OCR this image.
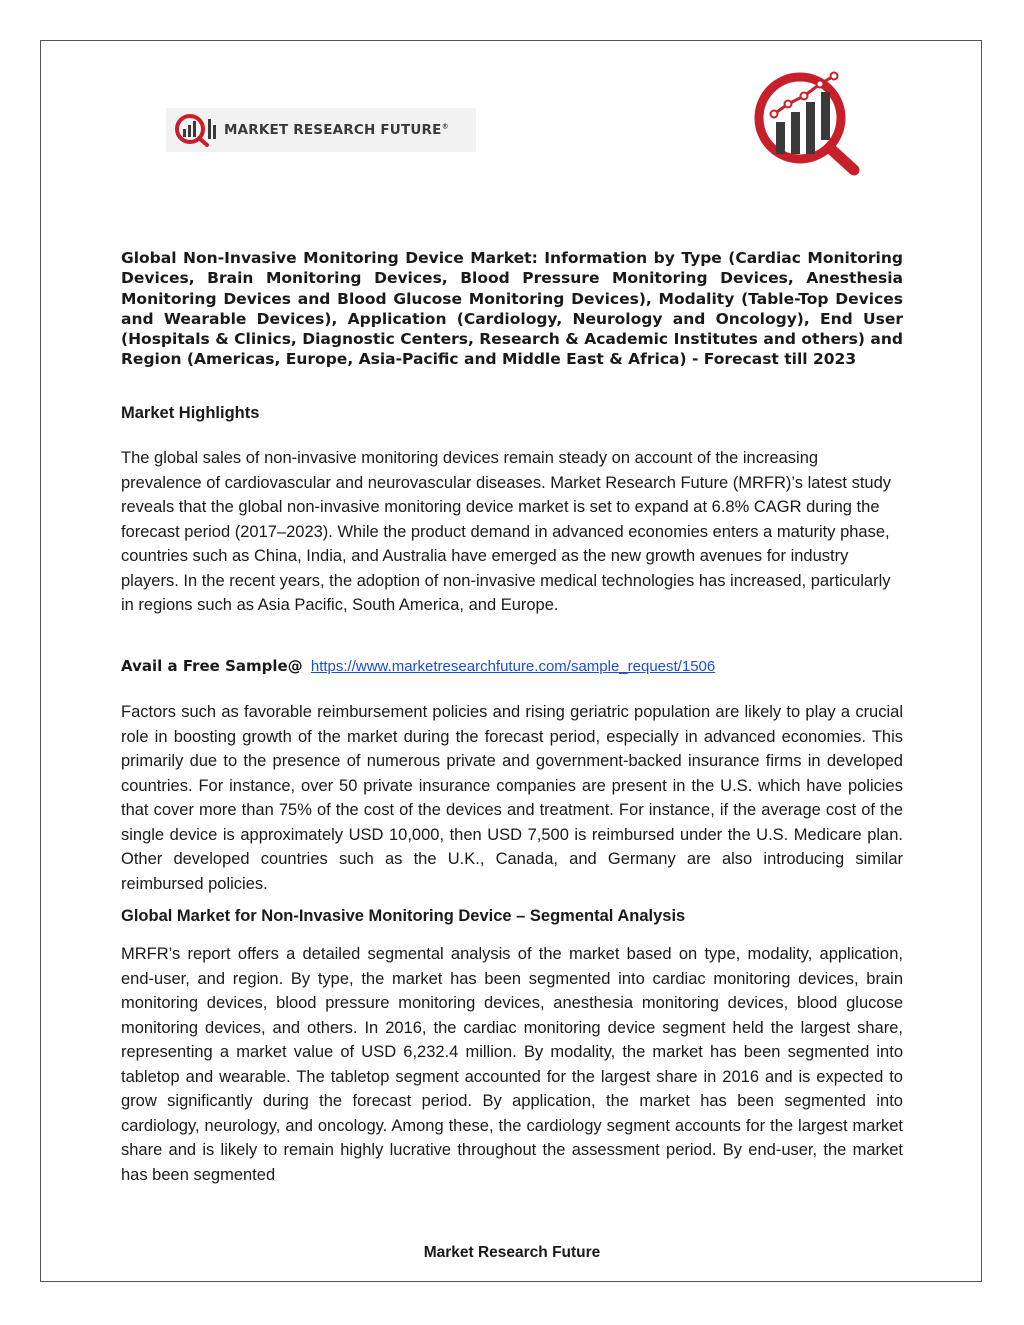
MARKET RESEARCH FUTURE®
Global Non-Invasive Monitoring Device Market: Information by Type (Cardiac Monitoring Devices, Brain Monitoring Devices, Blood Pressure Monitoring Devices, Anesthesia Monitoring Devices and Blood Glucose Monitoring Devices), Modality (Table-Top Devices and Wearable Devices), Application (Cardiology, Neurology and Oncology), End User (Hospitals & Clinics, Diagnostic Centers, Research & Academic Institutes and others) and Region (Americas, Europe, Asia-Pacific and Middle East & Africa) - Forecast till 2023
Market Highlights

The global sales of non-invasive monitoring devices remain steady on account of the increasing prevalence of cardiovascular and neurovascular diseases. Market Research Future (MRFR)’s latest study reveals that the global non-invasive monitoring device market is set to expand at 6.8% CAGR during the forecast period (2017–2023). While the product demand in advanced economies enters a maturity phase, countries such as China, India, and Australia have emerged as the new growth avenues for industry players. In the recent years, the adoption of non-invasive medical technologies has increased, particularly in regions such as Asia Pacific, South America, and Europe.

Avail a Free Sample@ https://www.marketresearchfuture.com/sample_request/1506

Factors such as favorable reimbursement policies and rising geriatric population are likely to play a crucial role in boosting growth of the market during the forecast period, especially in advanced economies. This primarily due to the presence of numerous private and government-backed insurance firms in developed countries. For instance, over 50 private insurance companies are present in the U.S. which have policies that cover more than 75% of the cost of the devices and treatment. For instance, if the average cost of the single device is approximately USD 10,000, then USD 7,500 is reimbursed under the U.S. Medicare plan. Other developed countries such as the U.K., Canada, and Germany are also introducing similar reimbursed policies.

Global Market for Non-Invasive Monitoring Device – Segmental Analysis

MRFR’s report offers a detailed segmental analysis of the market based on type, modality, application, end-user, and region. By type, the market has been segmented into cardiac monitoring devices, brain monitoring devices, blood pressure monitoring devices, anesthesia monitoring devices, blood glucose monitoring devices, and others. In 2016, the cardiac monitoring device segment held the largest share, representing a market value of USD 6,232.4 million. By modality, the market has been segmented into tabletop and wearable. The tabletop segment accounted for the largest share in 2016 and is expected to grow significantly during the forecast period. By application, the market has been segmented into cardiology, neurology, and oncology. Among these, the cardiology segment accounts for the largest market share and is likely to remain highly lucrative throughout the assessment period. By end-user, the market has been segmented

Market Research Future
